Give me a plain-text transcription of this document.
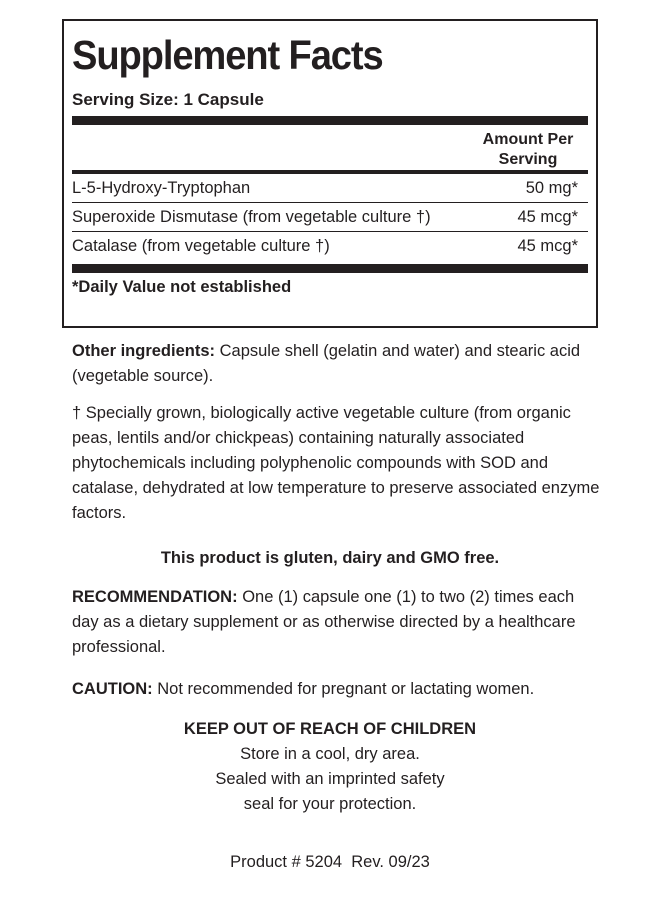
Supplement Facts
Serving Size: 1 Capsule
Amount Per
Serving
L-5-Hydroxy-Tryptophan	50 mg*
Superoxide Dismutase (from vegetable culture †)	45 mcg*
Catalase (from vegetable culture †)	45 mcg*
*Daily Value not established

Other ingredients: Capsule shell (gelatin and water) and stearic acid (vegetable source).

† Specially grown, biologically active vegetable culture (from organic peas, lentils and/or chickpeas) containing naturally associated phytochemicals including polyphenolic compounds with SOD and catalase, dehydrated at low temperature to preserve associated enzyme factors.

This product is gluten, dairy and GMO free.

RECOMMENDATION: One (1) capsule one (1) to two (2) times each day as a dietary supplement or as otherwise directed by a healthcare professional.

CAUTION: Not recommended for pregnant or lactating women.

KEEP OUT OF REACH OF CHILDREN
Store in a cool, dry area.
Sealed with an imprinted safety
seal for your protection.
Product # 5204  Rev. 09/23
